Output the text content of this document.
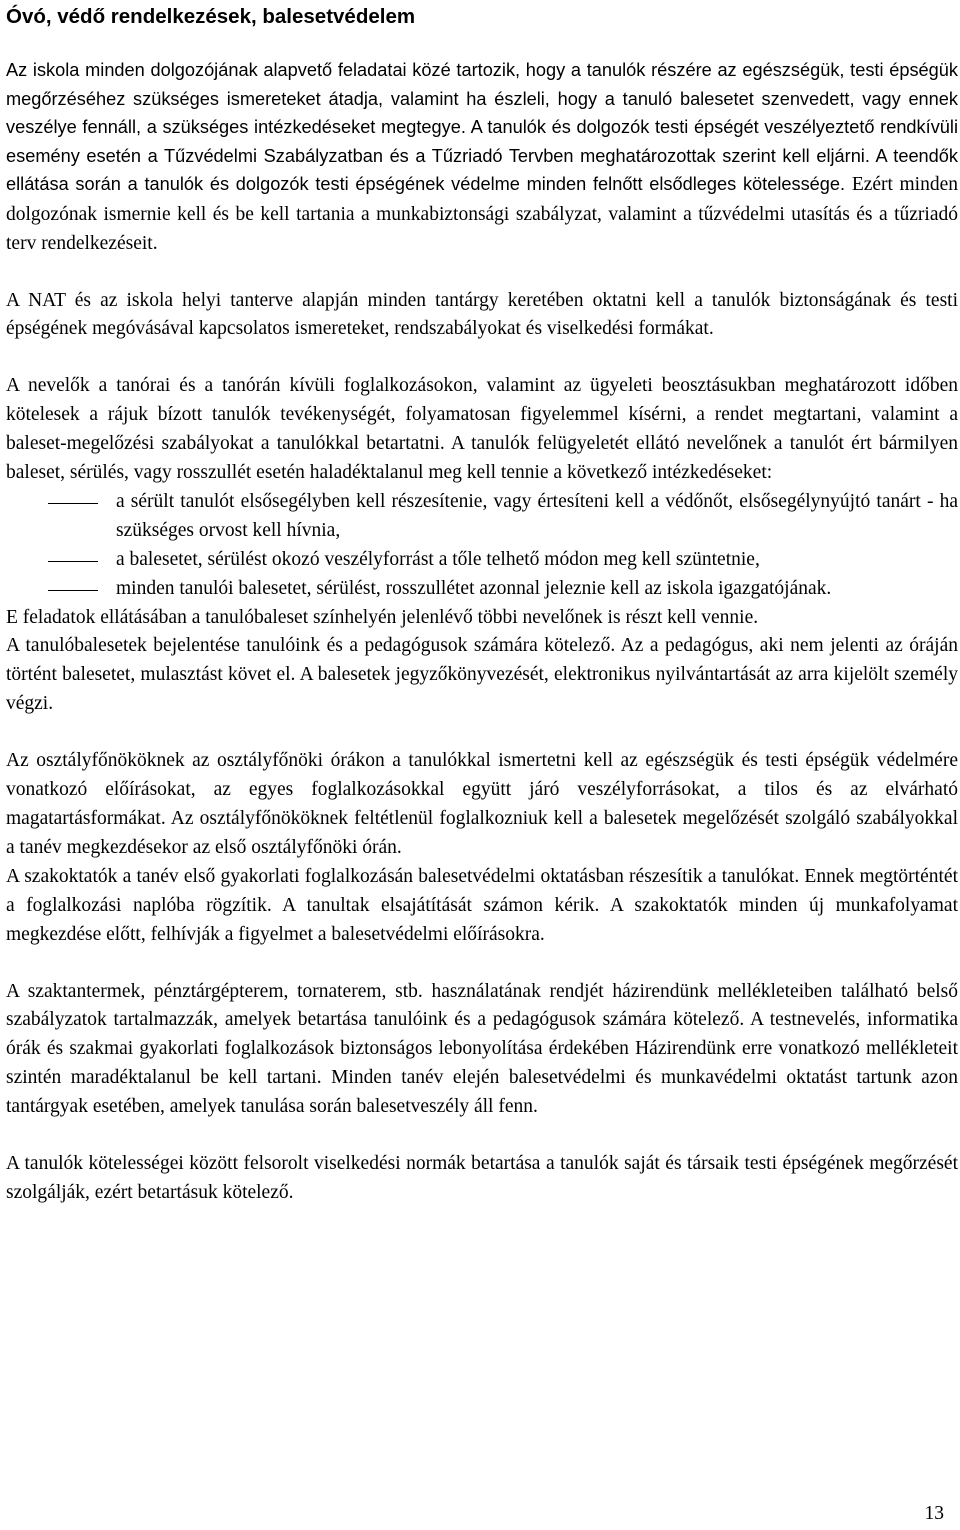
Óvó, védő rendelkezések, balesetvédelem

Az iskola minden dolgozójának alapvető feladatai közé tartozik, hogy a tanulók részére az egészségük, testi épségük megőrzéséhez szükséges ismereteket átadja, valamint ha észleli, hogy a tanuló balesetet szenvedett, vagy ennek veszélye fennáll, a szükséges intézkedéseket megtegye. A tanulók és dolgozók testi épségét veszélyeztető rendkívüli esemény esetén a Tűzvédelmi Szabályzatban és a Tűzriadó Tervben meghatározottak szerint kell eljárni. A teendők ellátása során a tanulók és dolgozók testi épségének védelme minden felnőtt elsődleges kötelessége. Ezért minden dolgozónak ismernie kell és be kell tartania a munkabiztonsági szabályzat, valamint a tűzvédelmi utasítás és a tűzriadó terv rendelkezéseit.

A NAT és az iskola helyi tanterve alapján minden tantárgy keretében oktatni kell a tanulók biztonságának és testi épségének megóvásával kapcsolatos ismereteket, rendszabályokat és viselkedési formákat.

A nevelők a tanórai és a tanórán kívüli foglalkozásokon, valamint az ügyeleti beosztásukban meghatározott időben kötelesek a rájuk bízott tanulók tevékenységét, folyamatosan figyelemmel kísérni, a rendet megtartani, valamint a baleset-megelőzési szabályokat a tanulókkal betartatni. A tanulók felügyeletét ellátó nevelőnek a tanulót ért bármilyen baleset, sérülés, vagy rosszullét esetén haladéktalanul meg kell tennie a következő intézkedéseket:

a sérült tanulót elsősegélyben kell részesítenie, vagy értesíteni kell a védőnőt, elsősegélynyújtó tanárt - ha szükséges orvost kell hívnia,
a balesetet, sérülést okozó veszélyforrást a tőle telhető módon meg kell szüntetnie,
minden tanulói balesetet, sérülést, rosszullétet azonnal jeleznie kell az iskola igazgatójának.

E feladatok ellátásában a tanulóbaleset színhelyén jelenlévő többi nevelőnek is részt kell vennie.

A tanulóbalesetek bejelentése tanulóink és a pedagógusok számára kötelező. Az a pedagógus, aki nem jelenti az óráján történt balesetet, mulasztást követ el. A balesetek jegyzőkönyvezését, elektronikus nyilvántartását az arra kijelölt személy végzi.

Az osztályfőnököknek az osztályfőnöki órákon a tanulókkal ismertetni kell az egészségük és testi épségük védelmére vonatkozó előírásokat, az egyes foglalkozásokkal együtt járó veszélyforrásokat, a tilos és az elvárható magatartásformákat. Az osztályfőnököknek feltétlenül foglalkozniuk kell a balesetek megelőzését szolgáló szabályokkal a tanév megkezdésekor az első osztályfőnöki órán.

A szakoktatók a tanév első gyakorlati foglalkozásán balesetvédelmi oktatásban részesítik a tanulókat. Ennek megtörténtét a foglalkozási naplóba rögzítik. A tanultak elsajátítását számon kérik. A szakoktatók minden új munkafolyamat megkezdése előtt, felhívják a figyelmet a balesetvédelmi előírásokra.

A szaktantermek, pénztárgépterem, tornaterem, stb. használatának rendjét házirendünk mellékleteiben található belső szabályzatok tartalmazzák, amelyek betartása tanulóink és a pedagógusok számára kötelező. A testnevelés, informatika órák és szakmai gyakorlati foglalkozások biztonságos lebonyolítása érdekében Házirendünk erre vonatkozó mellékleteit szintén maradéktalanul be kell tartani. Minden tanév elején balesetvédelmi és munkavédelmi oktatást tartunk azon tantárgyak esetében, amelyek tanulása során balesetveszély áll fenn.

A tanulók kötelességei között felsorolt viselkedési normák betartása a tanulók saját és társaik testi épségének megőrzését szolgálják, ezért betartásuk kötelező.

13
